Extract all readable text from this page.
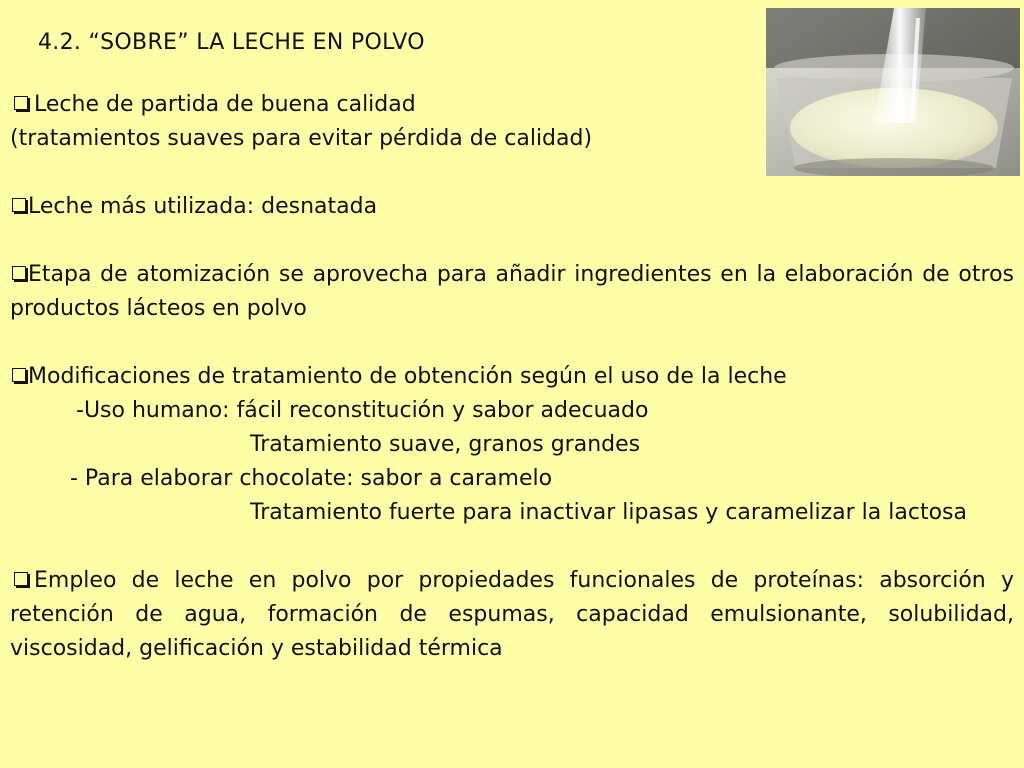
4.2. “SOBRE” LA LECHE EN POLVO
Leche de partida de buena calidad
(tratamientos suaves para evitar pérdida de calidad)
Leche más utilizada: desnatada
Etapa de atomización se aprovecha para añadir ingredientes en la elaboración de otros productos lácteos en polvo
Modificaciones de tratamiento de obtención según el uso de la leche
-Uso humano: fácil reconstitución y sabor adecuado
Tratamiento suave, granos grandes
- Para elaborar chocolate: sabor a caramelo
Tratamiento fuerte para inactivar lipasas y caramelizar la lactosa
Empleo de leche en polvo por propiedades funcionales de proteínas: absorción y retención de agua, formación de espumas, capacidad emulsionante, solubilidad, viscosidad, gelificación y estabilidad térmica
